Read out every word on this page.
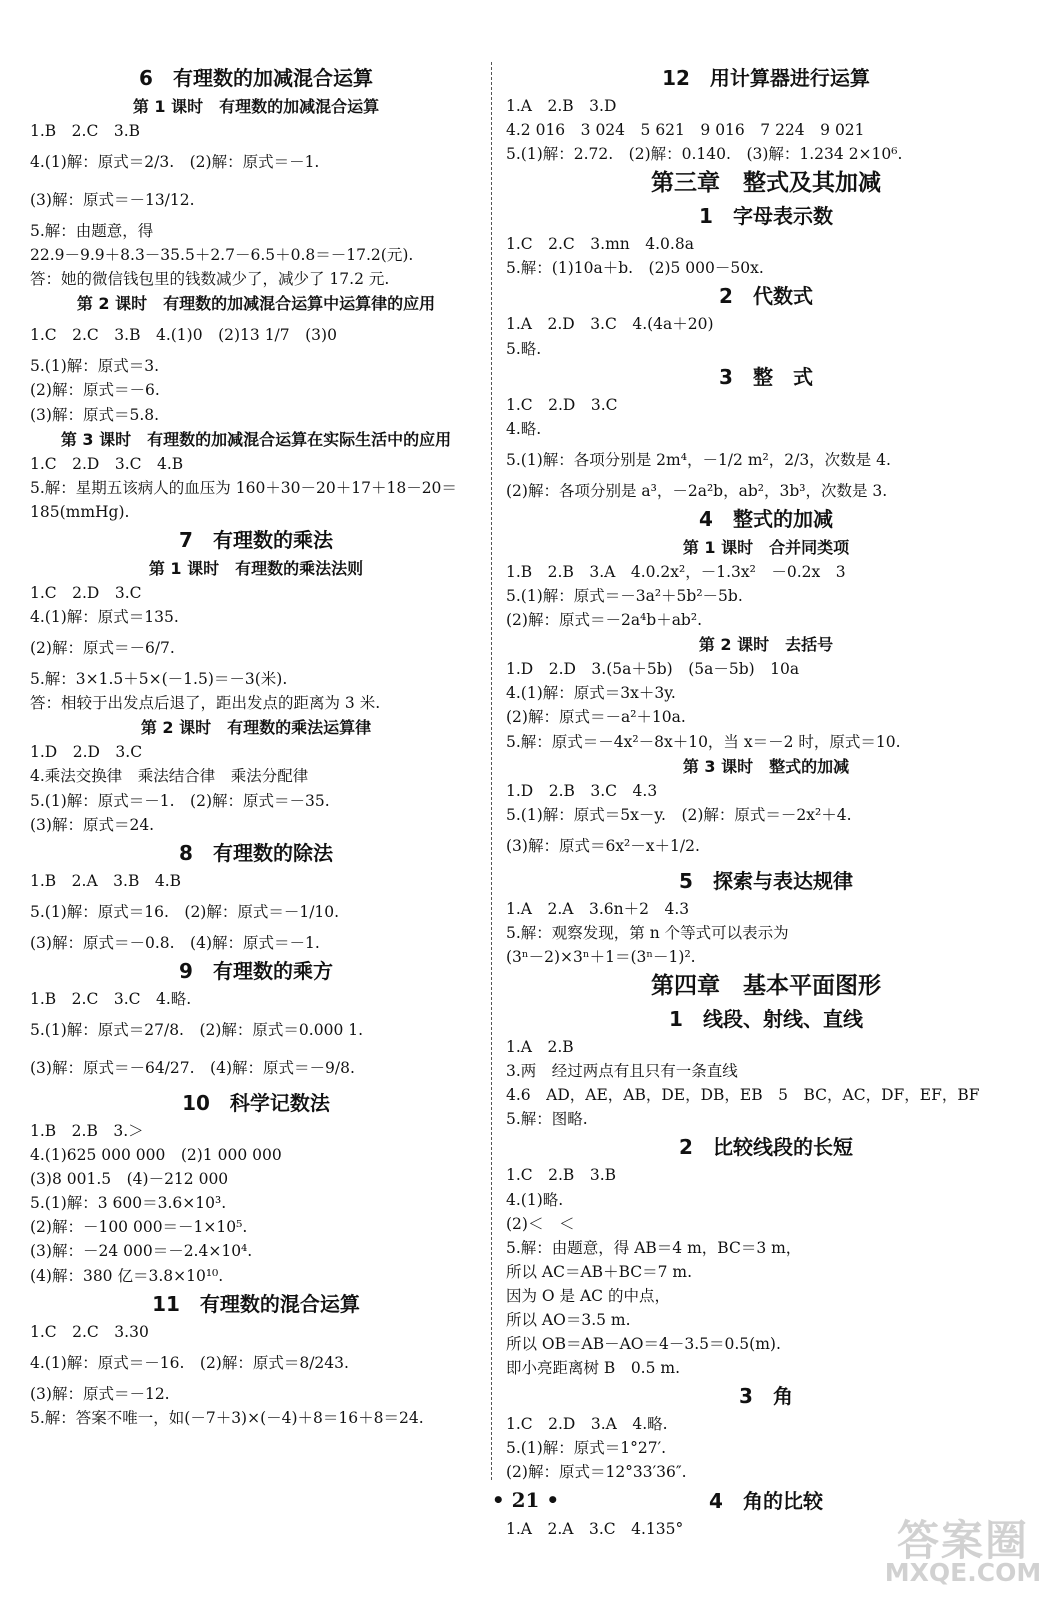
6　有理数的加减混合运算
第 1 课时　有理数的加减混合运算
1.B　2.C　3.B
4.(1)解：原式＝2/3.　(2)解：原式＝－1.
(3)解：原式＝－13/12.
5.解：由题意，得
22.9－9.9＋8.3－35.5＋2.7－6.5＋0.8＝－17.2(元).
答：她的微信钱包里的钱数减少了，减少了 17.2 元.
第 2 课时　有理数的加减混合运算中运算律的应用
1.C　2.C　3.B　4.(1)0　(2)13 1/7　(3)0
5.(1)解：原式＝3.
(2)解：原式＝－6.
(3)解：原式＝5.8.
第 3 课时　有理数的加减混合运算在实际生活中的应用
1.C　2.D　3.C　4.B
5.解：星期五该病人的血压为 160＋30－20＋17＋18－20＝
185(mmHg).
7　有理数的乘法
第 1 课时　有理数的乘法法则
1.C　2.D　3.C
4.(1)解：原式＝135.
(2)解：原式＝－6/7.
5.解：3×1.5＋5×(－1.5)＝－3(米).
答：相较于出发点后退了，距出发点的距离为 3 米.
第 2 课时　有理数的乘法运算律
1.D　2.D　3.C
4.乘法交换律　乘法结合律　乘法分配律
5.(1)解：原式＝－1.　(2)解：原式＝－35.
(3)解：原式＝24.
8　有理数的除法
1.B　2.A　3.B　4.B
5.(1)解：原式＝16.　(2)解：原式＝－1/10.
(3)解：原式＝－0.8.　(4)解：原式＝－1.
9　有理数的乘方
1.B　2.C　3.C　4.略.
5.(1)解：原式＝27/8.　(2)解：原式＝0.000 1.
(3)解：原式＝－64/27.　(4)解：原式＝－9/8.
10　科学记数法
1.B　2.B　3.＞
4.(1)625 000 000　(2)1 000 000
(3)8 001.5　(4)－212 000
5.(1)解：3 600＝3.6×10³.
(2)解：－100 000＝－1×10⁵.
(3)解：－24 000＝－2.4×10⁴.
(4)解：380 亿＝3.8×10¹⁰.
11　有理数的混合运算
1.C　2.C　3.30
4.(1)解：原式＝－16.　(2)解：原式＝8/243.
(3)解：原式＝－12.
5.解：答案不唯一，如(－7＋3)×(－4)＋8＝16＋8＝24.
12　用计算器进行运算
1.A　2.B　3.D
4.2 016　3 024　5 621　9 016　7 224　9 021
5.(1)解：2.72.　(2)解：0.140.　(3)解：1.234 2×10⁶.
第三章　整式及其加减
1　字母表示数
1.C　2.C　3.mn　4.0.8a
5.解：(1)10a＋b.　(2)5 000－50x.
2　代数式
1.A　2.D　3.C　4.(4a＋20)
5.略.
3　整　式
1.C　2.D　3.C
4.略.
5.(1)解：各项分别是 2m⁴，－1/2 m²，2/3，次数是 4.
(2)解：各项分别是 a³，－2a²b，ab²，3b³，次数是 3.
4　整式的加减
第 1 课时　合并同类项
1.B　2.B　3.A　4.0.2x²，－1.3x²　－0.2x　3
5.(1)解：原式＝－3a²＋5b²－5b.
(2)解：原式＝－2a⁴b＋ab².
第 2 课时　去括号
1.D　2.D　3.(5a＋5b)　(5a－5b)　10a
4.(1)解：原式＝3x＋3y.
(2)解：原式＝－a²＋10a.
5.解：原式＝－4x²－8x＋10，当 x＝－2 时，原式＝10.
第 3 课时　整式的加减
1.D　2.B　3.C　4.3
5.(1)解：原式＝5x－y.　(2)解：原式＝－2x²＋4.
(3)解：原式＝6x²－x＋1/2.
5　探索与表达规律
1.A　2.A　3.6n＋2　4.3
5.解：观察发现，第 n 个等式可以表示为
(3ⁿ－2)×3ⁿ＋1＝(3ⁿ－1)².
第四章　基本平面图形
1　线段、射线、直线
1.A　2.B
3.两　经过两点有且只有一条直线
4.6　AD，AE，AB，DE，DB，EB　5　BC，AC，DF，EF，BF
5.解：图略.
2　比较线段的长短
1.C　2.B　3.B
4.(1)略.
(2)＜　＜
5.解：由题意，得 AB＝4 m，BC＝3 m，
所以 AC＝AB＋BC＝7 m.
因为 O 是 AC 的中点，
所以 AO＝3.5 m.
所以 OB＝AB－AO＝4－3.5＝0.5(m).
即小亮距离树 B　0.5 m.
3　角
1.C　2.D　3.A　4.略.
5.(1)解：原式＝1°27′.
(2)解：原式＝12°33′36″.
4　角的比较
1.A　2.A　3.C　4.135°
• 21 •
答案圈
MXQE.COM
